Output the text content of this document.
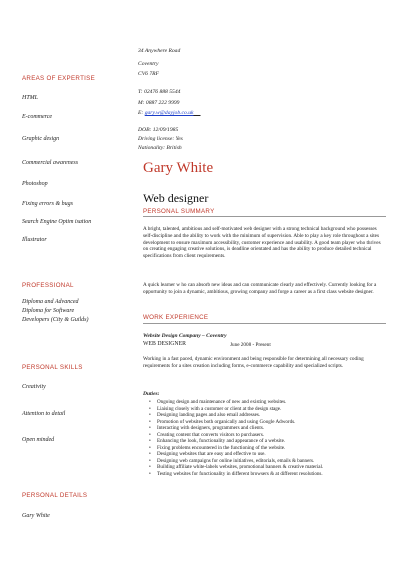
34 Anywhere Road
Coventry
CV6 7RF
T: 02476 888 5544
M: 0887 222 9999
E: gary.w@dayjob.co.uk
DOB: 12/09/1985
Driving license: Yes
Nationality: British
AREAS OF EXPERTISE
HTML
E-commerce
Graphic design
Commercial awareness
Photoshop
Fixing errors & bugs
Search Engine Optim isation
Illustrator
PROFESSIONAL
Diploma and Advanced
Diploma for Software
Developers (City & Guilds)
PERSONAL SKILLS
Creativity
Attention to detail
Open minded
PERSONAL DETAILS
Gary White
Gary White
Web designer
PERSONAL SUMMARY
A bright, talented, ambitious and self-motivated web designer with a strong technical background who possesses self-discipline and the ability to work with the minimum of supervision. Able to play a key role throughout a sites development to ensure maximum accessibility, customer experience and usability. A good team player who thrives on creating engaging creative solutions, is deadline orientated and has the ability to produce detailed technical specifications from client requirements.
A quick learner w ho can absorb new ideas and can communicate clearly and effectively. Currently looking for a opportunity to join a dynamic, ambitious, growing company and forge a career as a first class website designer.
WORK EXPERIENCE
Website Design Company – Coventry
WEB DESIGNER	June 2008 - Present
Working in a fast paced, dynamic environment and being responsible for determining all necessary coding requirements for a sites creation including forms, e-commerce capability and specialized scripts.
Duties:
• Ongoing design and maintenance of new and existing websites.
• Liaising closely with a customer or client at the design stage.
• Designing landing pages and also email addresses.
• Promotion of websites both organically and using Google Adwords.
• Interacting with designers, programmers and clients.
• Creating content that converts visitors to purchasers.
• Enhancing the look, functionality and appearance of a website.
• Fixing problems encountered in the functioning of the website.
• Designing websites that are easy and effective to use.
• Designing web campaigns for online initiatives, editorials, emails & banners.
• Building affiliate white-labels websites, promotional banners & creative material.
• Testing websites for functionality in different browsers & at different resolutions.
